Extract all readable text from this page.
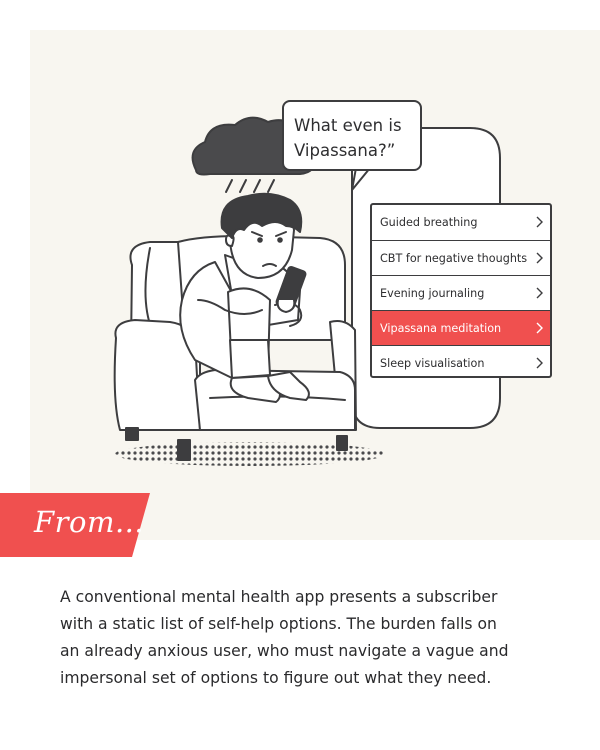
What even is
Vipassana?”
Guided breathing
CBT for negative thoughts
Evening journaling
Vipassana meditation
Sleep visualisation
From...
A conventional mental health app presents a subscriber
with a static list of self-help options. The burden falls on
an already anxious user, who must navigate a vague and
impersonal set of options to figure out what they need.
